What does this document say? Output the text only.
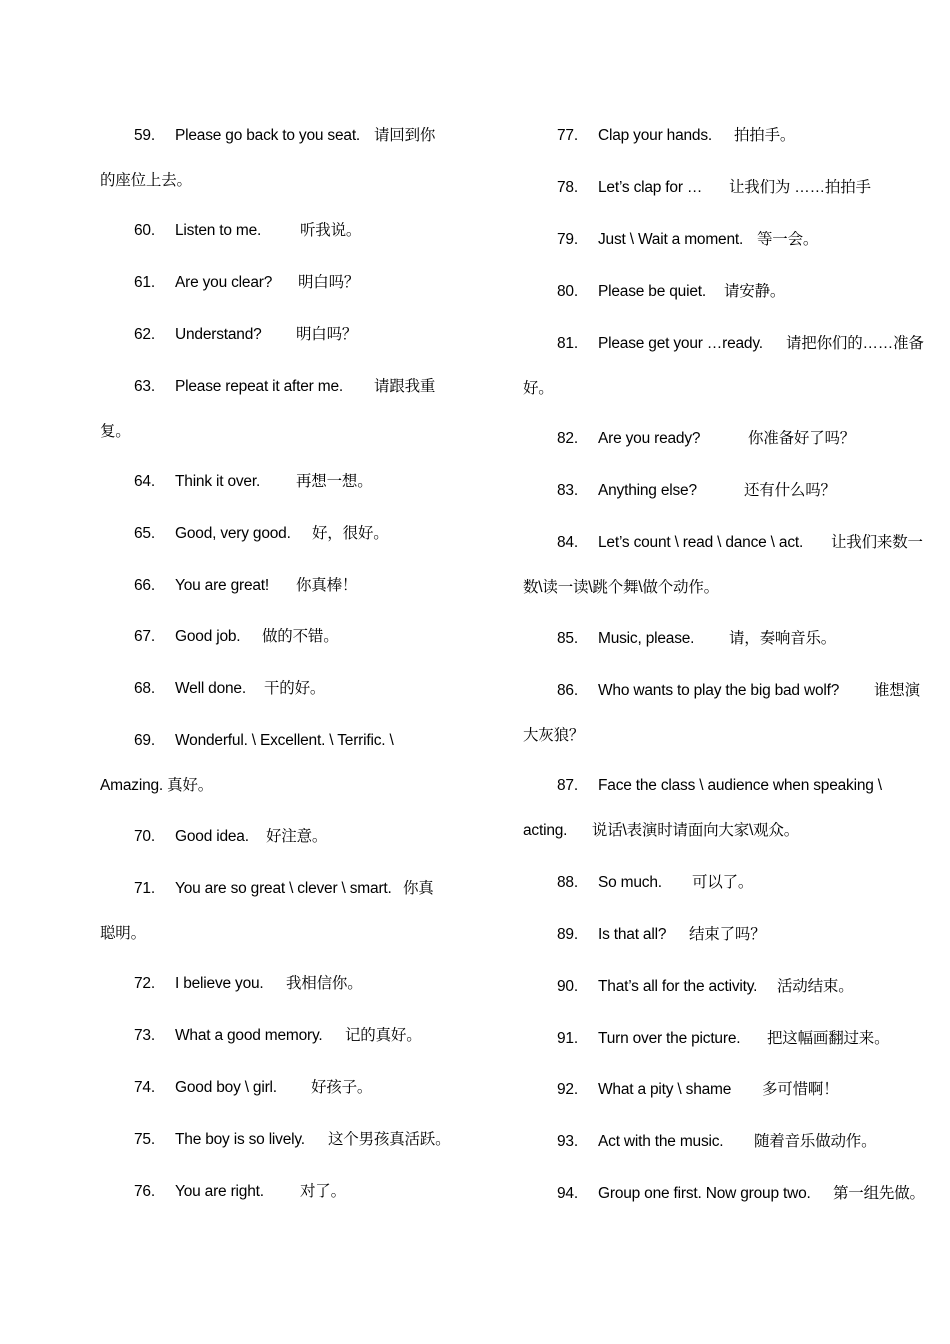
59. Please go back to you seat. 请回到你
的座位上去。

60. Listen to me.	听我说。

61. Are you clear? 明白吗？

62. Understand? 明白吗？

63. Please repeat it after me. 请跟我重
复。

64. Think it over. 再想一想。

65. Good, very good. 好，很好。

66. You are great! 你真棒！

67. Good job. 做的不错。

68. Well done. 干的好。

69. Wonderful. \ Excellent. \ Terrific. \
Amazing. 真好。

70. Good idea. 好注意。

71. You are so great \ clever \ smart. 你真
聪明。

72. I believe you. 我相信你。

73. What a good memory. 记的真好。

74. Good boy \ girl. 好孩子。

75. The boy is so lively. 这个男孩真活跃。

76. You are right. 对了。

77. Clap your hands. 拍拍手。

78. Let’s clap for … 让我们为 ……拍拍手

79. Just \ Wait a moment. 等一会。

80. Please be quiet. 请安静。

81. Please get your …ready. 请把你们的……准备
好。

82. Are you ready?	你准备好了吗？

83. Anything else?	还有什么吗？

84. Let’s count \ read \ dance \ act. 让我们来数一
数\读一读\跳个舞\做个动作。

85. Music, please. 请，奏响音乐。

86. Who wants to play the big bad wolf? 谁想演
大灰狼？

87. Face the class \ audience when speaking \
acting.      说话\表演时请面向大家\观众。

88. So much. 可以了。

89. Is that all? 结束了吗？

90. That’s all for the activity. 活动结束。

91. Turn over the picture. 把这幅画翻过来。

92. What a pity \ shame 多可惜啊！

93. Act with the music. 随着音乐做动作。

94. Group one first. Now group two. 第一组先做。
